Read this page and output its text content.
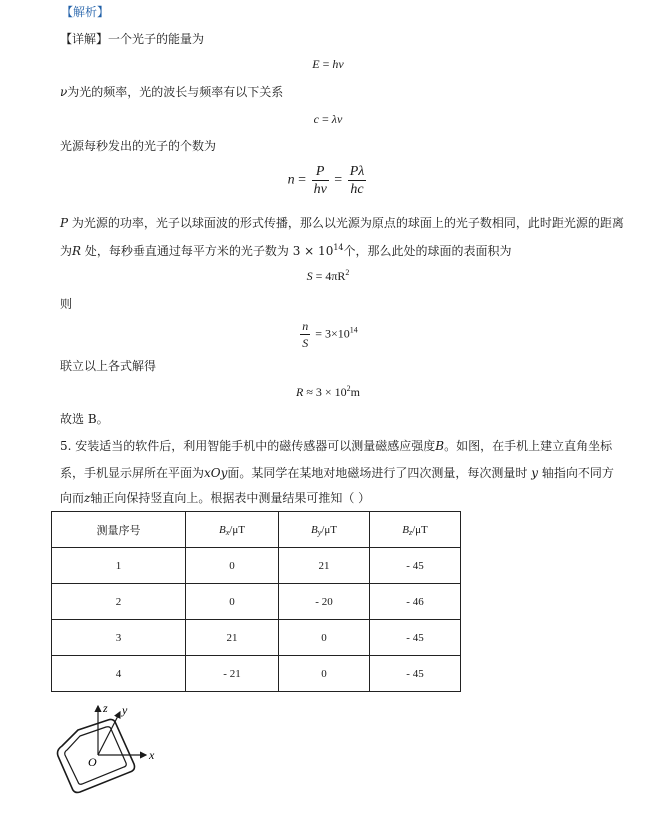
【解析】
【详解】一个光子的能量为
E = hν
ν为光的频率，光的波长与频率有以下关系
c = λν
光源每秒发出的光子的个数为
$n = \frac{P}{h\nu} = \frac{P\lambda}{hc}$
P 为光源的功率，光子以球面波的形式传播，那么以光源为原点的球面上的光子数相同，此时距光源的距离
为R 处，每秒垂直通过每平方米的光子数为 $3 \times 10^{14}$个，那么此处的球面的表面积为
$S = 4\pi R^2$
则
$\frac{n}{S} = 3\times 10^{14}$
联立以上各式解得
$R \approx 3 \times 10^2m$
故选 B。
5. 安装适当的软件后，利用智能手机中的磁传感器可以测量磁感应强度B。如图，在手机上建立直角坐标
系，手机显示屏所在平面为xOy面。某同学在某地对地磁场进行了四次测量，每次测量时 y 轴指向不同方
向而z轴正向保持竖直向上。根据表中测量结果可推知（ ）
测量序号	$B_x/\mu T$	$B_y/\mu T$	$B_z/\mu T$
1	0	21	- 45
2	0	- 20	- 46
3	21	0	- 45
4	- 21	0	- 45
z y
x
O
